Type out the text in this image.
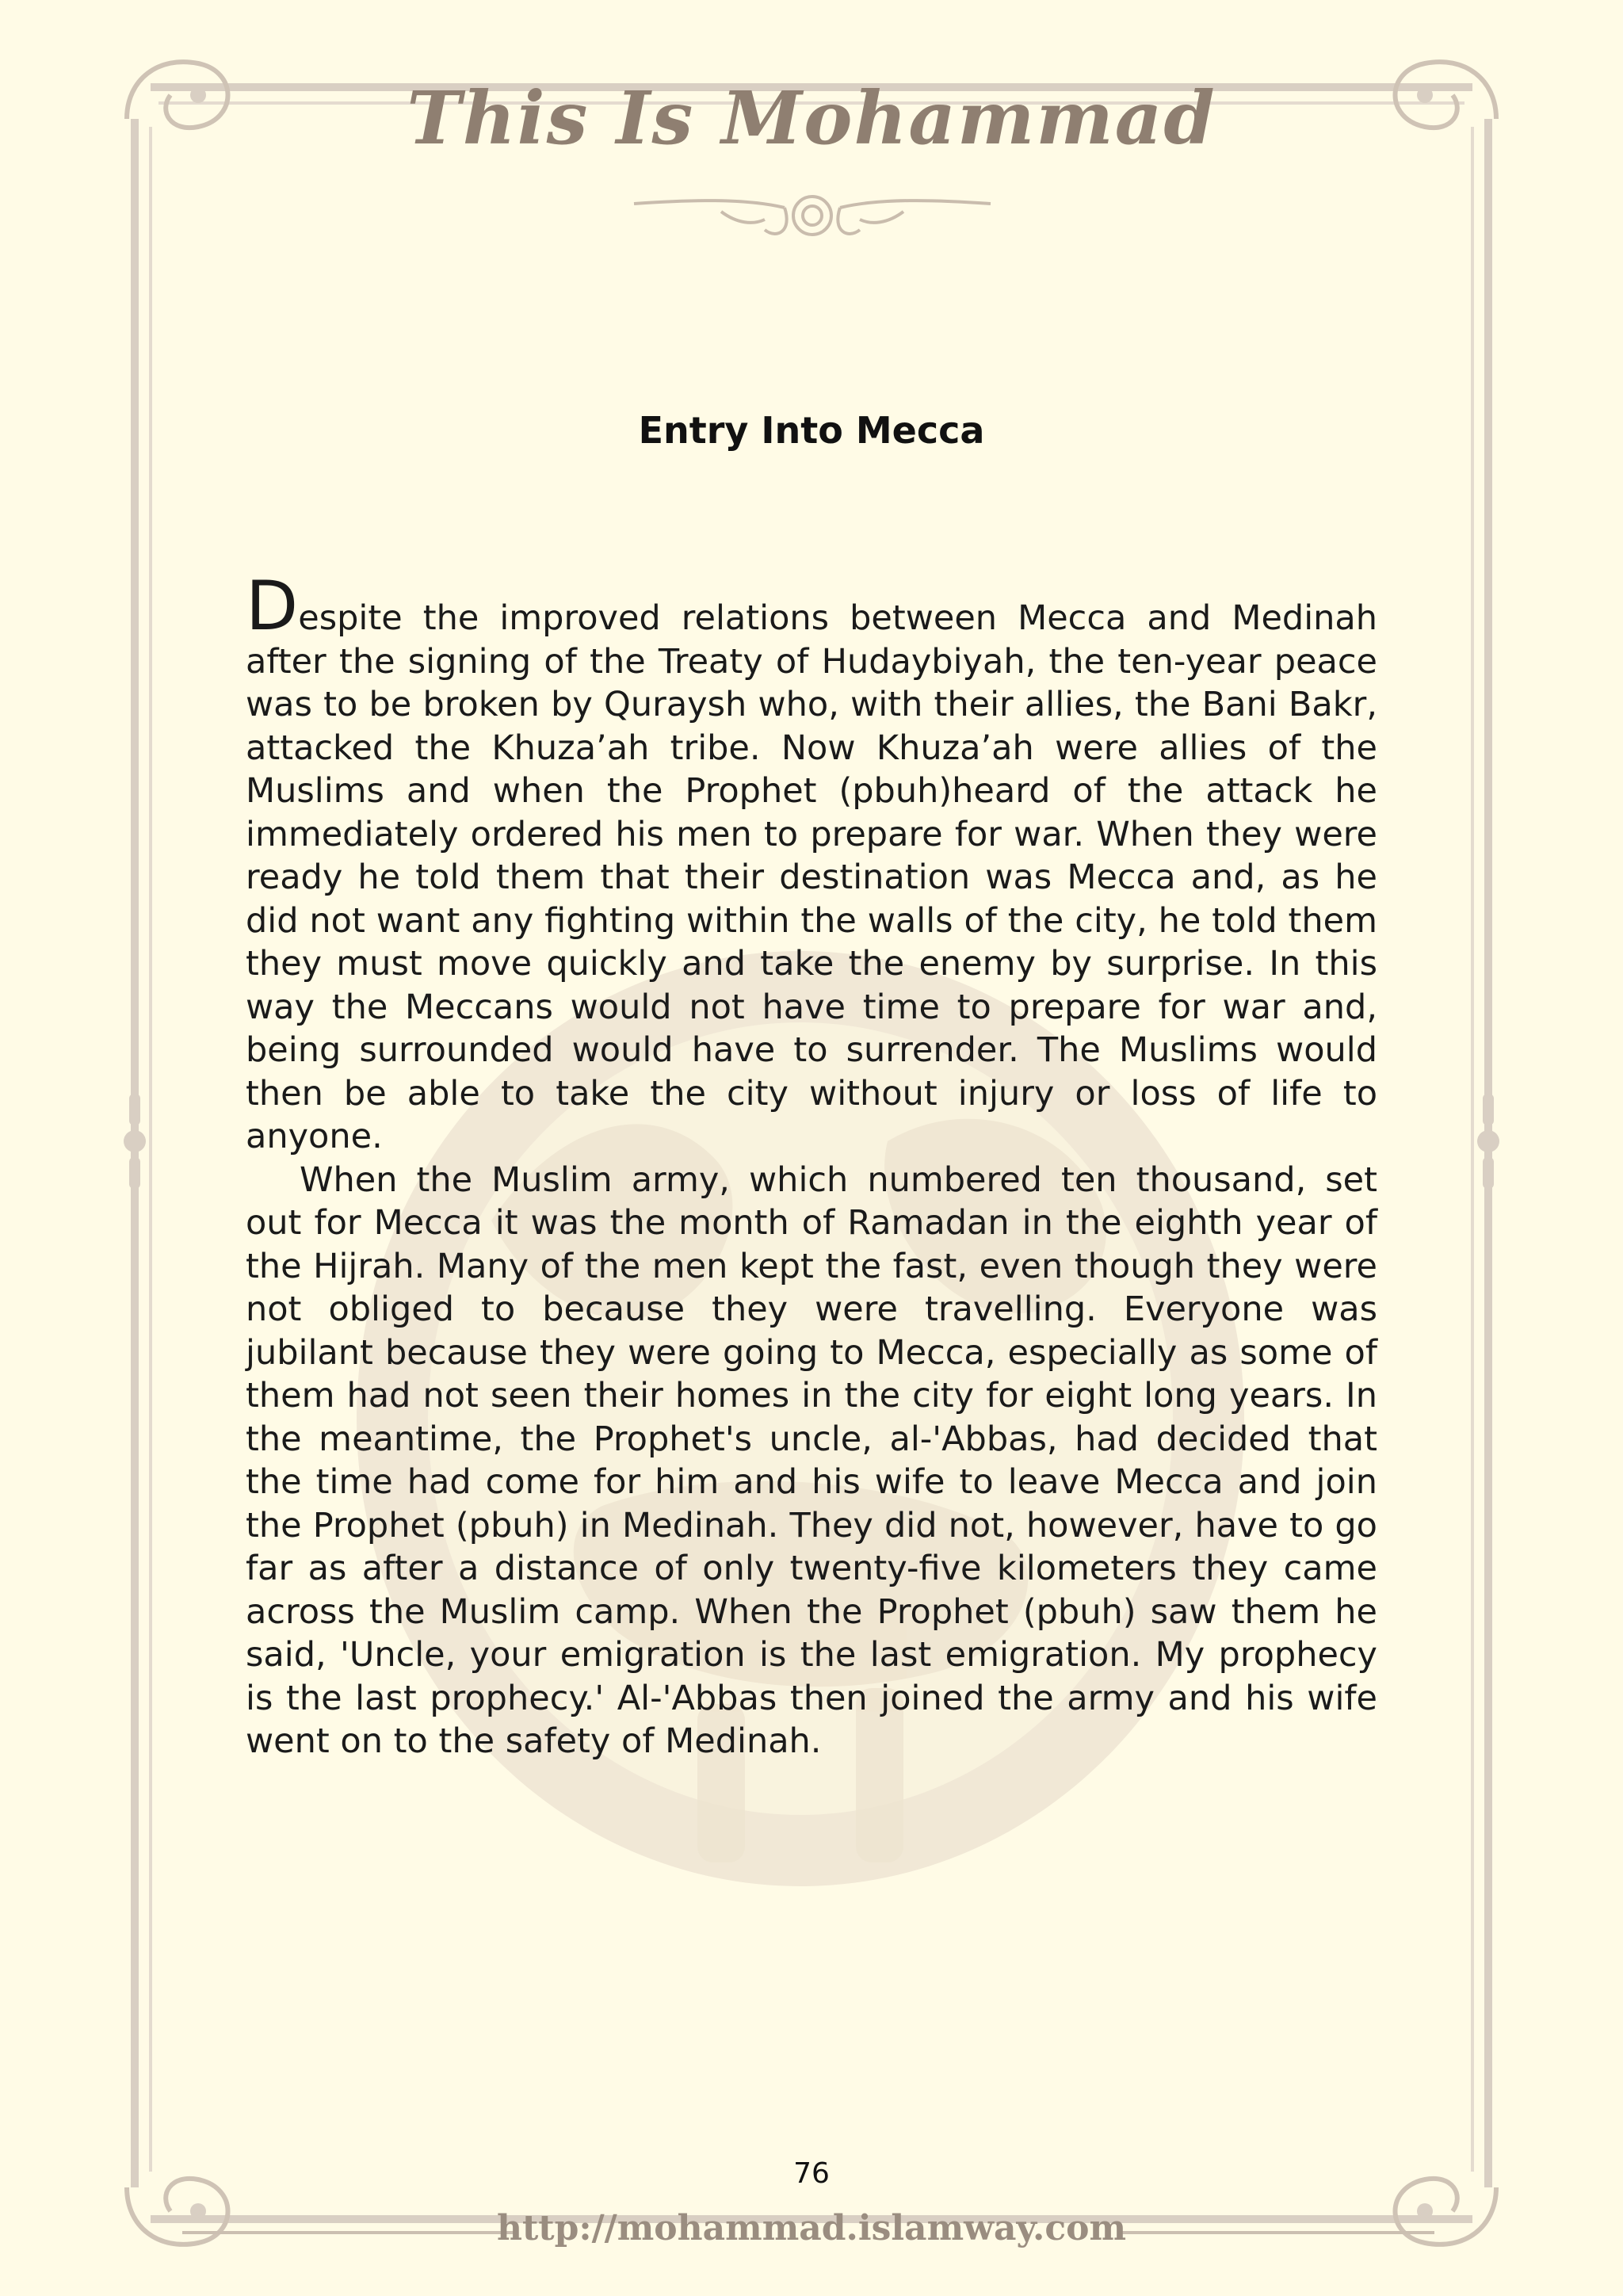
This Is Mohammad
Entry Into Mecca

Despite the improved relations between Mecca and Medinah after the signing of the Treaty of Hudaybiyah, the ten-year peace was to be broken by Quraysh who, with their allies, the Bani Bakr, attacked the Khuza’ah tribe. Now Khuza’ah were allies of the Muslims and when the Prophet (pbuh)heard of the attack he immediately ordered his men to prepare for war. When they were ready he told them that their destination was Mecca and, as he did not want any fighting within the walls of the city, he told them they must move quickly and take the enemy by surprise. In this way the Meccans would not have time to prepare for war and, being surrounded would have to surrender. The Muslims would then be able to take the city without injury or loss of life to anyone.

When the Muslim army, which numbered ten thousand, set out for Mecca it was the month of Ramadan in the eighth year of the Hijrah. Many of the men kept the fast, even though they were not obliged to because they were travelling. Everyone was jubilant because they were going to Mecca, especially as some of them had not seen their homes in the city for eight long years. In the meantime, the Prophet's uncle, al-'Abbas, had decided that the time had come for him and his wife to leave Mecca and join the Prophet (pbuh) in Medinah. They did not, however, have to go far as after a distance of only twenty-five kilometers they came across the Muslim camp. When the Prophet (pbuh) saw them he said, 'Uncle, your emigration is the last emigration. My prophecy is the last prophecy.' Al-'Abbas then joined the army and his wife went on to the safety of Medinah.

76
http://mohammad.islamway.com
